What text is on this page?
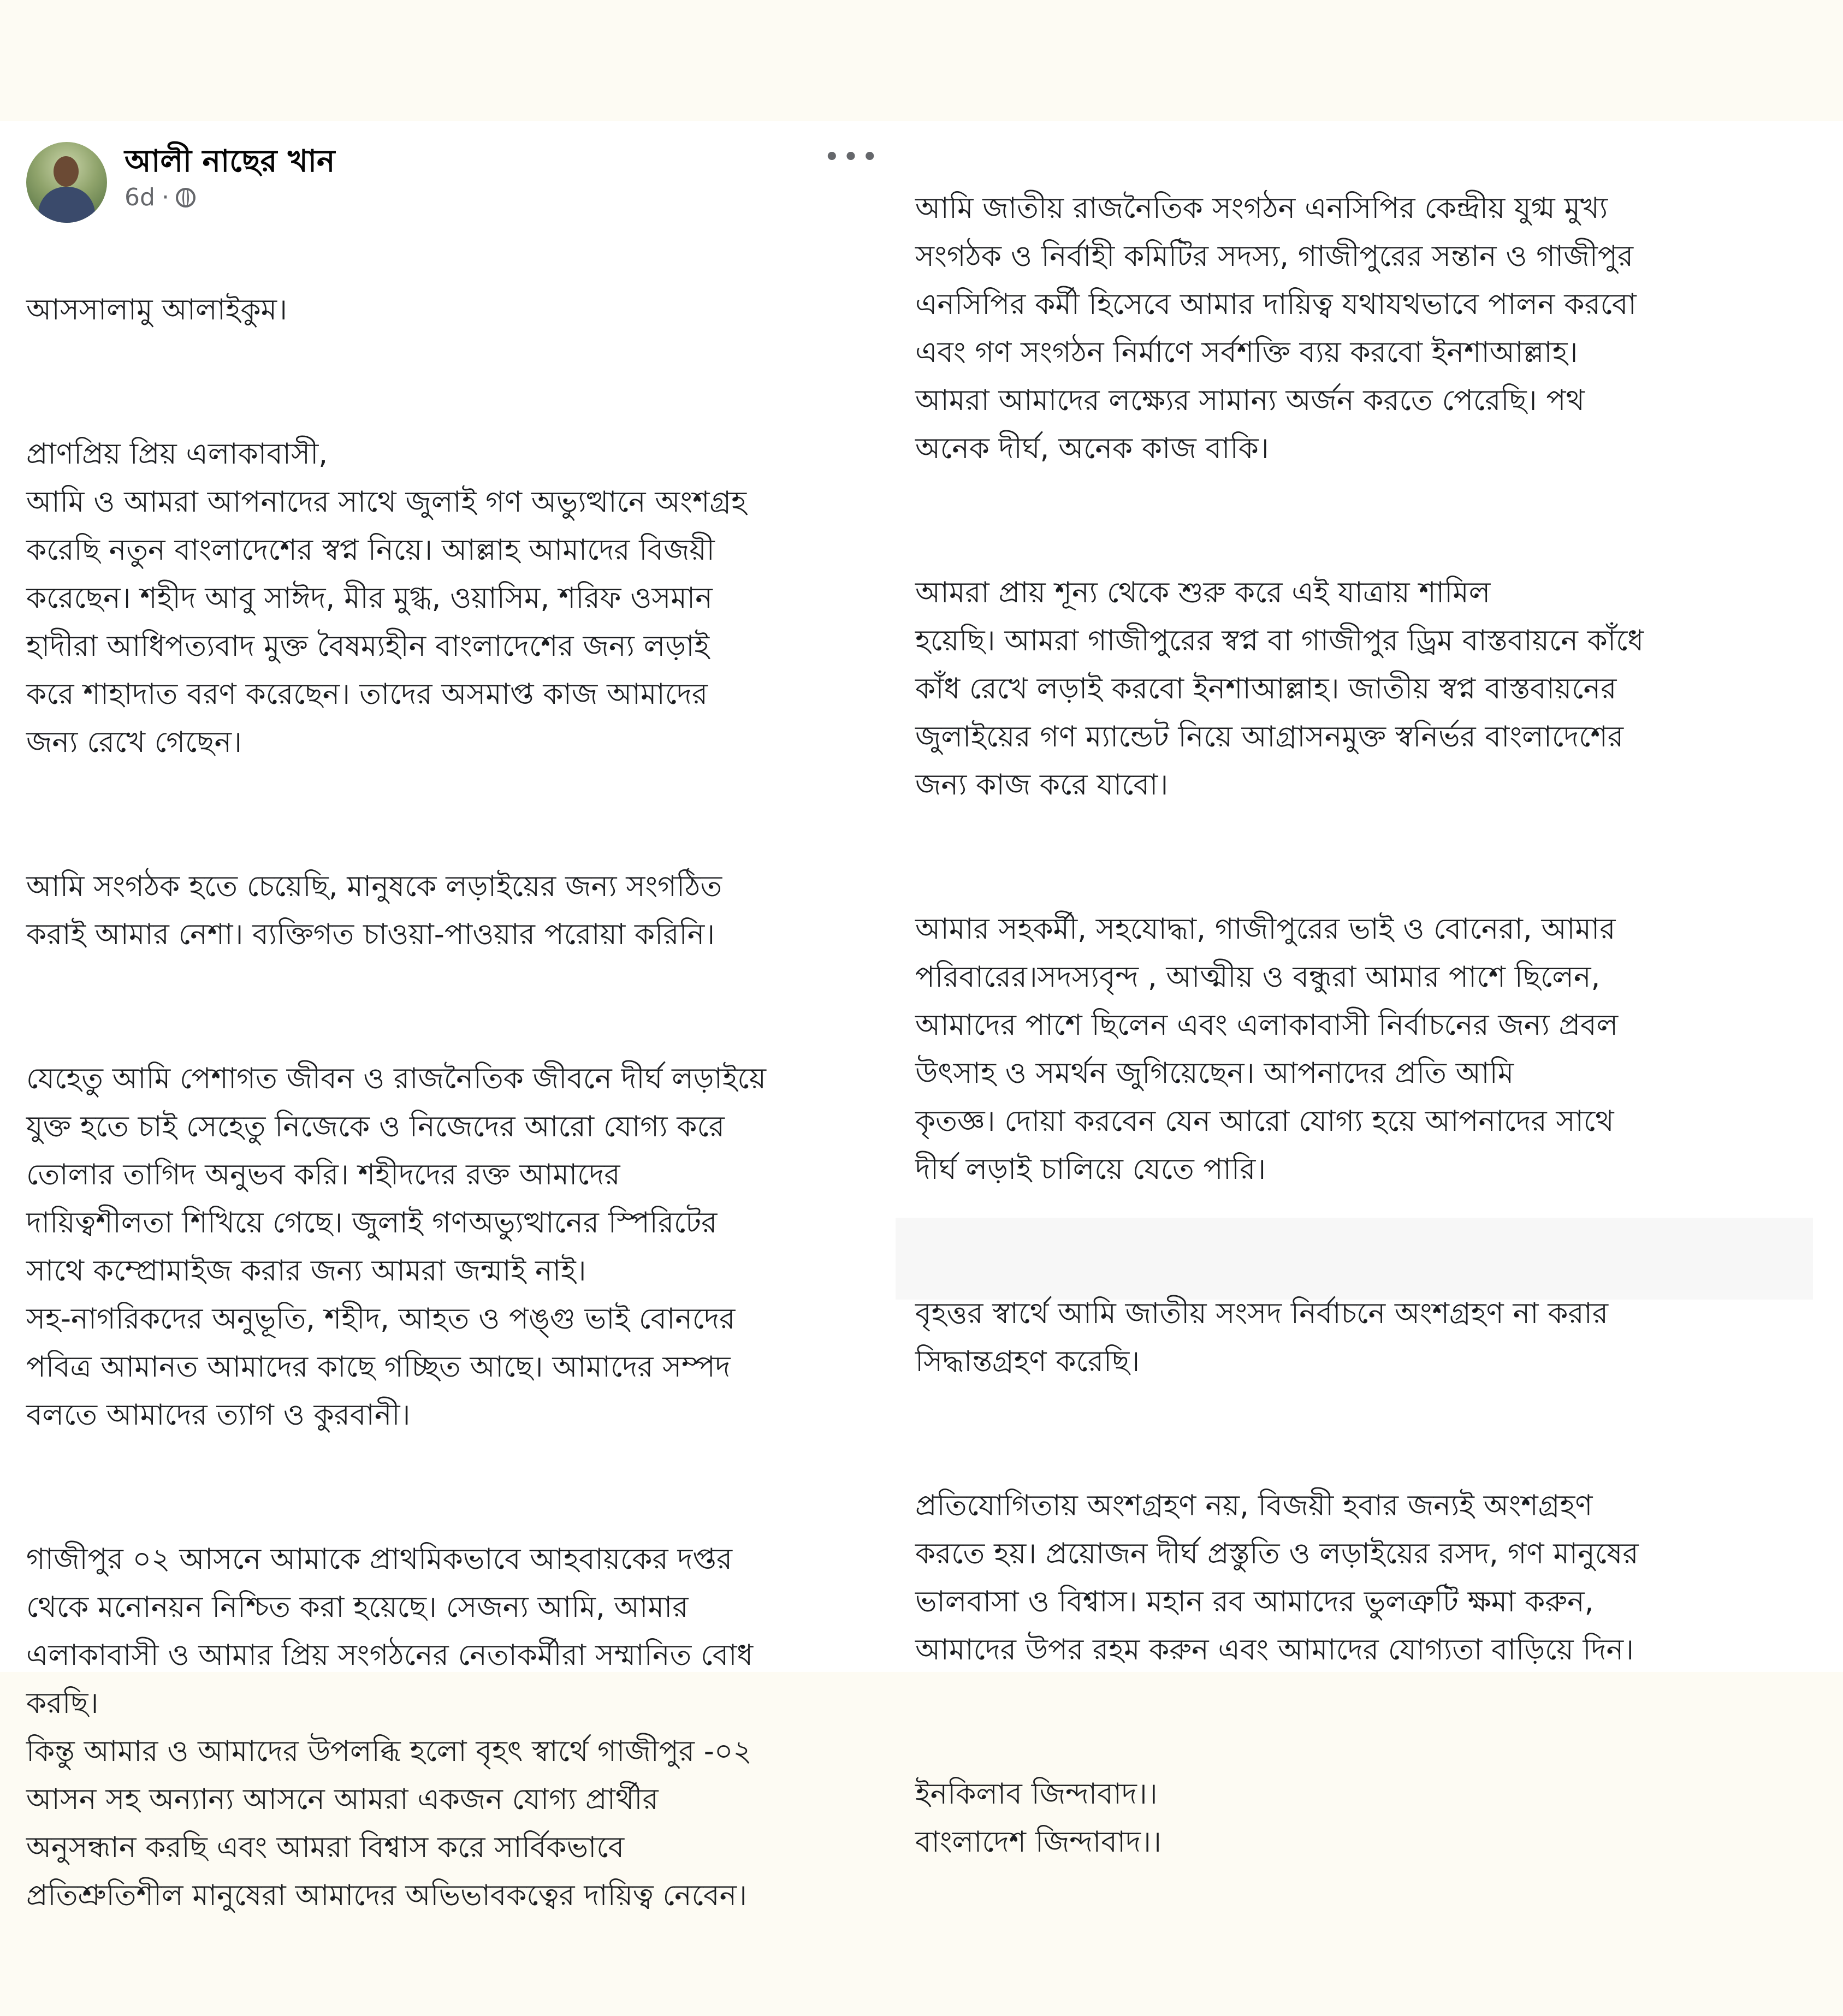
আলী নাছের খান
6d ·
•••

আসসালামু আলাইকুম।

প্রাণপ্রিয় প্রিয় এলাকাবাসী,
আমি ও আমরা আপনাদের সাথে জুলাই গণ অভ্যুত্থানে অংশগ্রহ
করেছি নতুন বাংলাদেশের স্বপ্ন নিয়ে। আল্লাহ আমাদের বিজয়ী
করেছেন। শহীদ আবু সাঈদ, মীর মুগ্ধ, ওয়াসিম, শরিফ ওসমান
হাদীরা আধিপত্যবাদ মুক্ত বৈষম্যহীন বাংলাদেশের জন্য লড়াই
করে শাহাদাত বরণ করেছেন। তাদের অসমাপ্ত কাজ আমাদের
জন্য রেখে গেছেন।

আমি সংগঠক হতে চেয়েছি, মানুষকে লড়াইয়ের জন্য সংগঠিত
করাই আমার নেশা। ব্যক্তিগত চাওয়া-পাওয়ার পরোয়া করিনি।

যেহেতু আমি পেশাগত জীবন ও রাজনৈতিক জীবনে দীর্ঘ লড়াইয়ে
যুক্ত হতে চাই সেহেতু নিজেকে ও নিজেদের আরো যোগ্য করে
তোলার তাগিদ অনুভব করি। শহীদদের রক্ত আমাদের
দায়িত্বশীলতা শিখিয়ে গেছে। জুলাই গণঅভ্যুত্থানের স্পিরিটের
সাথে কম্প্রোমাইজ করার জন্য আমরা জন্মাই নাই।
সহ-নাগরিকদের অনুভূতি, শহীদ, আহত ও পঙ্গু ভাই বোনদের
পবিত্র আমানত আমাদের কাছে গচ্ছিত আছে। আমাদের সম্পদ
বলতে আমাদের ত্যাগ ও কুরবানী।

গাজীপুর ০২ আসনে আমাকে প্রাথমিকভাবে আহবায়কের দপ্তর
থেকে মনোনয়ন নিশ্চিত করা হয়েছে। সেজন্য আমি, আমার
এলাকাবাসী ও আমার প্রিয় সংগঠনের নেতাকর্মীরা সম্মানিত বোধ
করছি।
কিন্তু আমার ও আমাদের উপলব্ধি হলো বৃহৎ স্বার্থে গাজীপুর -০২
আসন সহ অন্যান্য আসনে আমরা একজন যোগ্য প্রার্থীর
অনুসন্ধান করছি এবং আমরা বিশ্বাস করে সার্বিকভাবে
প্রতিশ্রুতিশীল মানুষেরা আমাদের অভিভাবকত্বের দায়িত্ব নেবেন।

আমি জাতীয় রাজনৈতিক সংগঠন এনসিপির কেন্দ্রীয় যুগ্ম মুখ্য
সংগঠক ও নির্বাহী কমিটির সদস্য, গাজীপুরের সন্তান ও গাজীপুর
এনসিপির কর্মী হিসেবে আমার দায়িত্ব যথাযথভাবে পালন করবো
এবং গণ সংগঠন নির্মাণে সর্বশক্তি ব্যয় করবো ইনশাআল্লাহ।
আমরা আমাদের লক্ষ্যের সামান্য অর্জন করতে পেরেছি। পথ
অনেক দীর্ঘ, অনেক কাজ বাকি।

আমরা প্রায় শূন্য থেকে শুরু করে এই যাত্রায় শামিল
হয়েছি। আমরা গাজীপুরের স্বপ্ন বা গাজীপুর ড্রিম বাস্তবায়নে কাঁধে
কাঁধ রেখে লড়াই করবো ইনশাআল্লাহ। জাতীয় স্বপ্ন বাস্তবায়নের
জুলাইয়ের গণ ম্যান্ডেট নিয়ে আগ্রাসনমুক্ত স্বনির্ভর বাংলাদেশের
জন্য কাজ করে যাবো।

আমার সহকর্মী, সহযোদ্ধা, গাজীপুরের ভাই ও বোনেরা, আমার
পরিবারের।সদস্যবৃন্দ , আত্মীয় ও বন্ধুরা আমার পাশে ছিলেন,
আমাদের পাশে ছিলেন এবং এলাকাবাসী নির্বাচনের জন্য প্রবল
উৎসাহ ও সমর্থন জুগিয়েছেন। আপনাদের প্রতি আমি
কৃতজ্ঞ। দোয়া করবেন যেন আরো যোগ্য হয়ে আপনাদের সাথে
দীর্ঘ লড়াই চালিয়ে যেতে পারি।

বৃহত্তর স্বার্থে আমি জাতীয় সংসদ নির্বাচনে অংশগ্রহণ না করার
সিদ্ধান্তগ্রহণ করেছি।

প্রতিযোগিতায় অংশগ্রহণ নয়, বিজয়ী হবার জন্যই অংশগ্রহণ
করতে হয়। প্রয়োজন দীর্ঘ প্রস্তুতি ও লড়াইয়ের রসদ, গণ মানুষের
ভালবাসা ও বিশ্বাস। মহান রব আমাদের ভুলত্রুটি ক্ষমা করুন,
আমাদের উপর রহম করুন এবং আমাদের যোগ্যতা বাড়িয়ে দিন।

ইনকিলাব জিন্দাবাদ।।
বাংলাদেশ জিন্দাবাদ।।
